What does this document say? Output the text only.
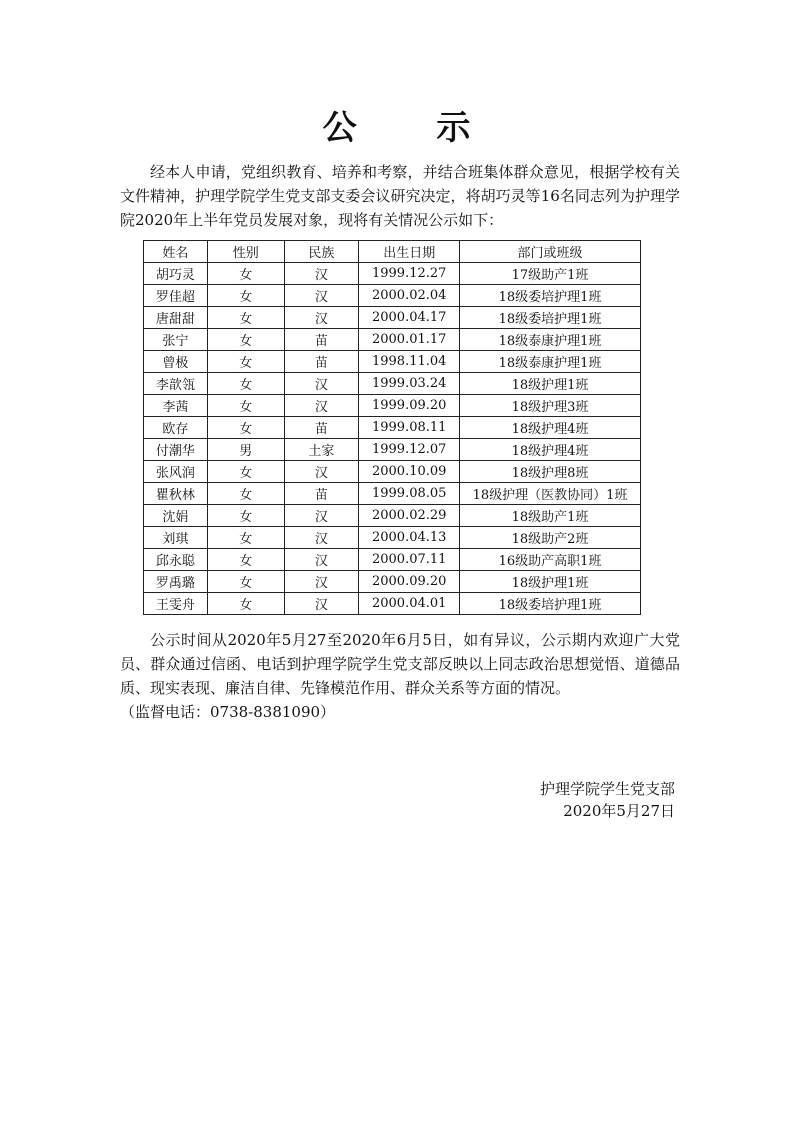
公 示
经本人申请，党组织教育、培养和考察，并结合班集体群众意见，根据学校有关文件精神，护理学院学生党支部支委会议研究决定，将胡巧灵等16名同志列为护理学院2020年上半年党员发展对象，现将有关情况公示如下：
姓名	性别	民族	出生日期	部门或班级
胡巧灵	女	汉	1999.12.27	17级助产1班
罗佳超	女	汉	2000.02.04	18级委培护理1班
唐甜甜	女	汉	2000.04.17	18级委培护理1班
张宁	女	苗	2000.01.17	18级泰康护理1班
曾极	女	苗	1998.11.04	18级泰康护理1班
李歆瓴	女	汉	1999.03.24	18级护理1班
李茜	女	汉	1999.09.20	18级护理3班
欧存	女	苗	1999.08.11	18级护理4班
付潮华	男	土家	1999.12.07	18级护理4班
张风润	女	汉	2000.10.09	18级护理8班
瞿秋林	女	苗	1999.08.05	18级护理（医教协同）1班
沈娟	女	汉	2000.02.29	18级助产1班
刘琪	女	汉	2000.04.13	18级助产2班
邱永聪	女	汉	2000.07.11	16级助产高职1班
罗禹璐	女	汉	2000.09.20	18级护理1班
王雯舟	女	汉	2000.04.01	18级委培护理1班
公示时间从2020年5月27至2020年6月5日，如有异议，公示期内欢迎广大党员、群众通过信函、电话到护理学院学生党支部反映以上同志政治思想觉悟、道德品质、现实表现、廉洁自律、先锋模范作用、群众关系等方面的情况。
（监督电话：0738-8381090）
护理学院学生党支部
2020年5月27日
